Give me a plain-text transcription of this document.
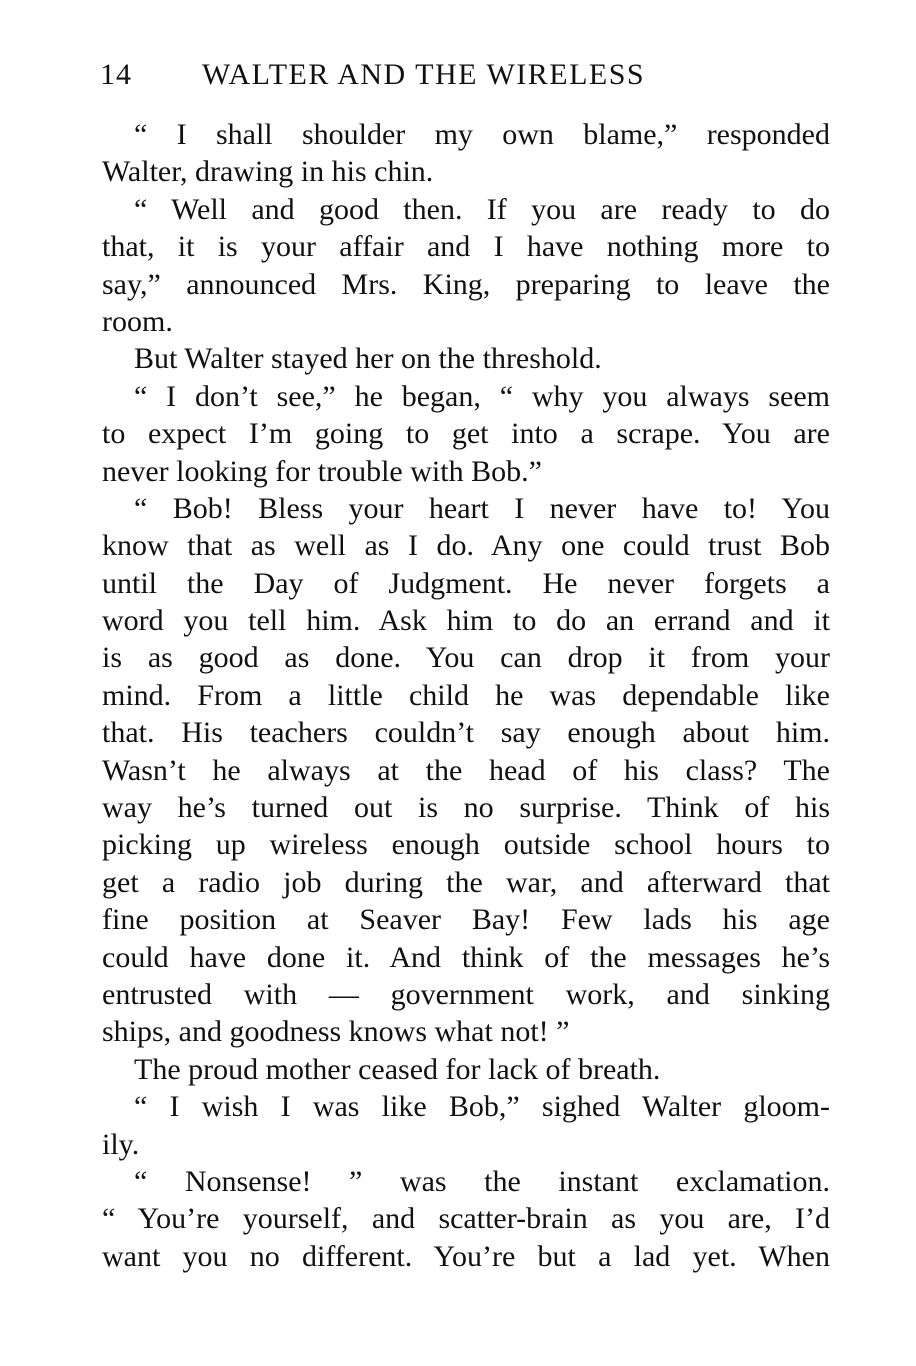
14 WALTER AND THE WIRELESS
“ I shall shoulder my own blame,” responded
Walter, drawing in his chin.
“ Well and good then. If you are ready to do
that, it is your affair and I have nothing more to
say,” announced Mrs. King, preparing to leave the
room.
But Walter stayed her on the threshold.
“ I don’t see,” he began, “ why you always seem
to expect I’m going to get into a scrape. You are
never looking for trouble with Bob.”
“ Bob! Bless your heart I never have to! You
know that as well as I do. Any one could trust Bob
until the Day of Judgment. He never forgets a
word you tell him. Ask him to do an errand and it
is as good as done. You can drop it from your
mind. From a little child he was dependable like
that. His teachers couldn’t say enough about him.
Wasn’t he always at the head of his class? The
way he’s turned out is no surprise. Think of his
picking up wireless enough outside school hours to
get a radio job during the war, and afterward that
fine position at Seaver Bay! Few lads his age
could have done it. And think of the messages he’s
entrusted with — government work, and sinking
ships, and goodness knows what not! ”
The proud mother ceased for lack of breath.
“ I wish I was like Bob,” sighed Walter gloom-
ily.
“ Nonsense! ” was the instant exclamation.
“ You’re yourself, and scatter-brain as you are, I’d
want you no different. You’re but a lad yet. When
